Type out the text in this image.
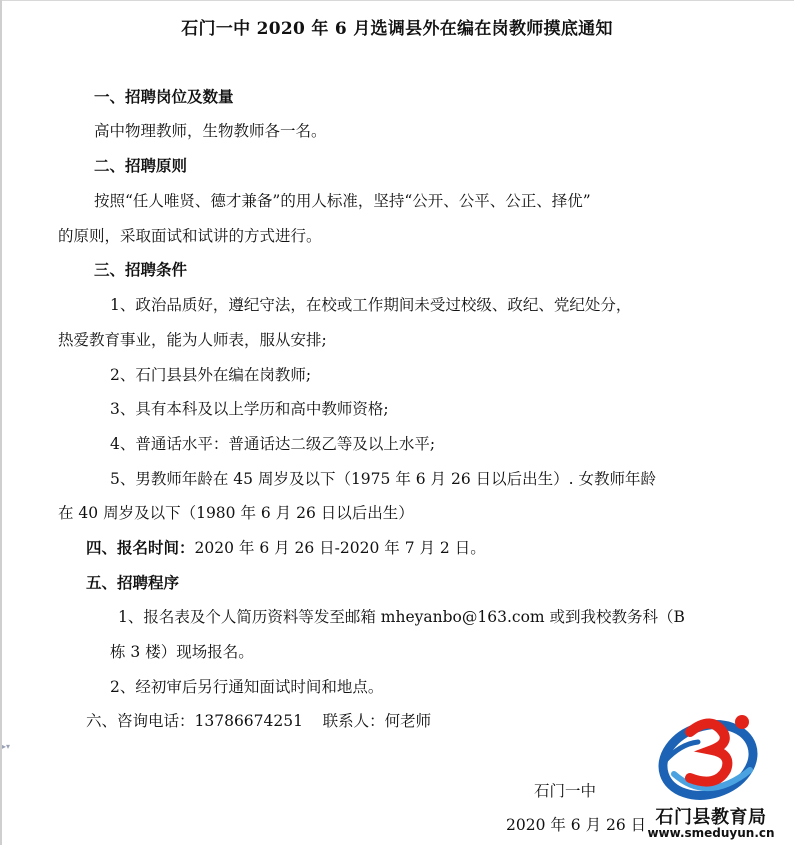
石门一中 2020 年 6 月选调县外在编在岗教师摸底通知
一、招聘岗位及数量
高中物理教师，生物教师各一名。
二、招聘原则
按照“任人唯贤、德才兼备”的用人标准，坚持“公开、公平、公正、择优”
的原则，采取面试和试讲的方式进行。
三、招聘条件
1、政治品质好，遵纪守法，在校或工作期间未受过校级、政纪、党纪处分，
热爱教育事业，能为人师表，服从安排;
2、石门县县外在编在岗教师;
3、具有本科及以上学历和高中教师资格;
4、普通话水平：普通话达二级乙等及以上水平;
5、男教师年龄在 45 周岁及以下（1975 年 6 月 26 日以后出生）. 女教师年龄
在 40 周岁及以下（1980 年 6 月 26 日以后出生）
四、报名时间：2020 年 6 月 26 日-2020 年 7 月 2 日。
五、招聘程序
1、报名表及个人简历资料等发至邮箱 mheyanbo@163.com 或到我校教务科（B
栋 3 楼）现场报名。
2、经初审后另行通知面试时间和地点。
六、咨询电话：13786674251    联系人：何老师
▸▾
石门一中
2020 年 6 月 26 日 石门县教育局
www.smeduyun.cn
